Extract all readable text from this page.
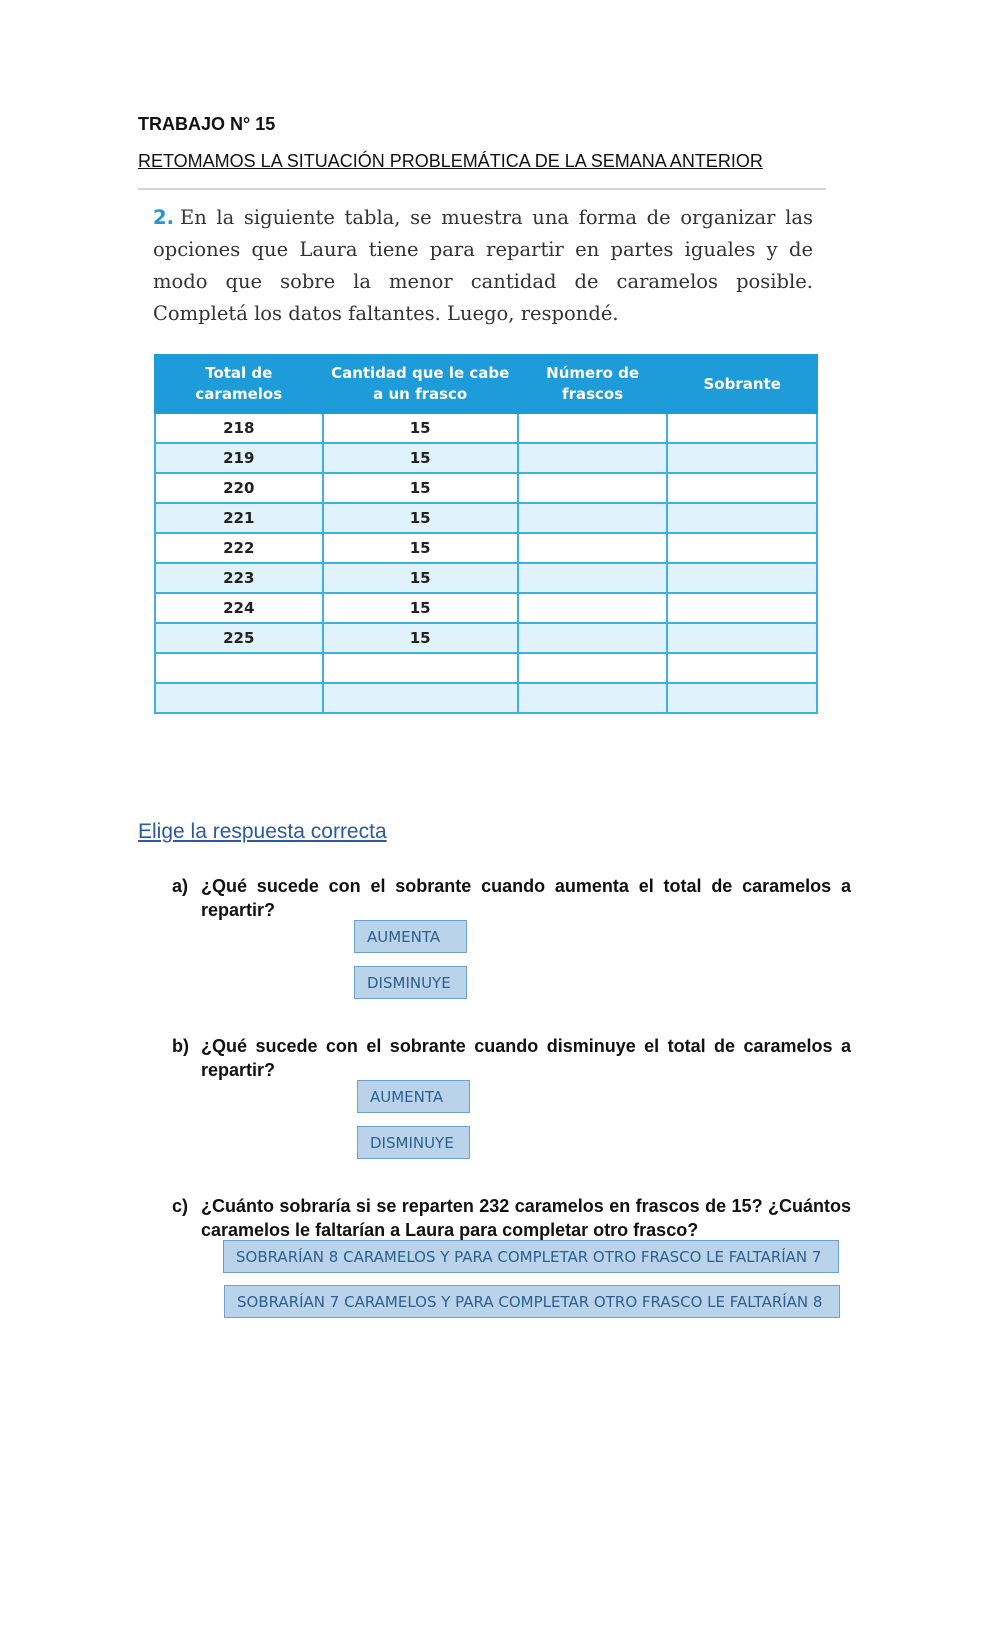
TRABAJO N° 15
RETOMAMOS LA SITUACIÓN PROBLEMÁTICA DE LA SEMANA ANTERIOR
2. En la siguiente tabla, se muestra una forma de organizar las opciones que Laura tiene para repartir en partes iguales y de modo que sobre la menor cantidad de caramelos posible. Completá los datos faltantes. Luego, respondé.
Total de caramelos	Cantidad que le cabe a un frasco	Número de frascos	Sobrante
218	15		
219	15		
220	15		
221	15		
222	15		
223	15		
224	15		
225	15		

Elige la respuesta correcta
a) ¿Qué sucede con el sobrante cuando aumenta el total de caramelos a repartir?
AUMENTA
DISMINUYE
b) ¿Qué sucede con el sobrante cuando disminuye el total de caramelos a repartir?
AUMENTA
DISMINUYE
c) ¿Cuánto sobraría si se reparten 232 caramelos en frascos de 15? ¿Cuántos caramelos le faltarían a Laura para completar otro frasco?
SOBRARÍAN 8 CARAMELOS Y PARA COMPLETAR OTRO FRASCO LE FALTARÍAN 7
SOBRARÍAN 7 CARAMELOS Y PARA COMPLETAR OTRO FRASCO LE FALTARÍAN 8
